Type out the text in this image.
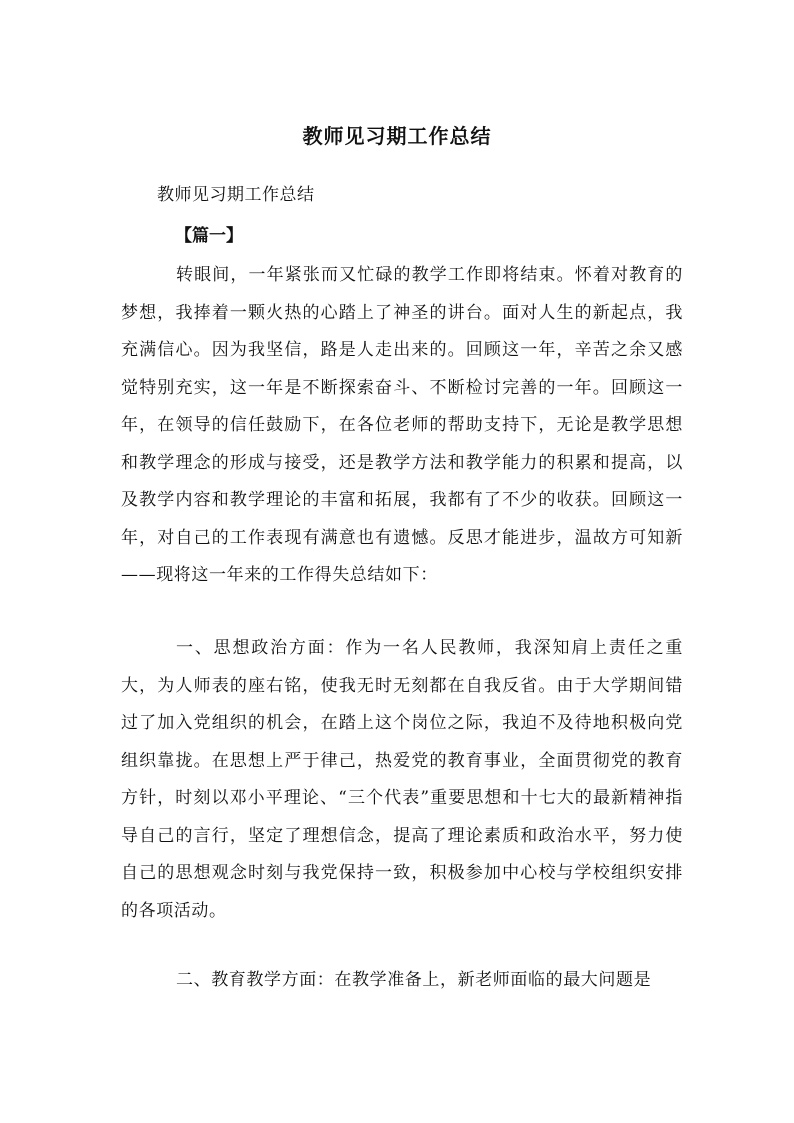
教师见习期工作总结
教师见习期工作总结
【篇一】

转眼间，一年紧张而又忙碌的教学工作即将结束。怀着对教育的梦想，我捧着一颗火热的心踏上了神圣的讲台。面对人生的新起点，我充满信心。因为我坚信，路是人走出来的。回顾这一年，辛苦之余又感觉特别充实，这一年是不断探索奋斗、不断检讨完善的一年。回顾这一年，在领导的信任鼓励下，在各位老师的帮助支持下，无论是教学思想和教学理念的形成与接受，还是教学方法和教学能力的积累和提高，以及教学内容和教学理论的丰富和拓展，我都有了不少的收获。回顾这一年，对自己的工作表现有满意也有遗憾。反思才能进步，温故方可知新——现将这一年来的工作得失总结如下：

一、思想政治方面：作为一名人民教师，我深知肩上责任之重大，为人师表的座右铭，使我无时无刻都在自我反省。由于大学期间错过了加入党组织的机会，在踏上这个岗位之际，我迫不及待地积极向党组织靠拢。在思想上严于律己，热爱党的教育事业，全面贯彻党的教育方针，时刻以邓小平理论、“三个代表”重要思想和十七大的最新精神指导自己的言行，坚定了理想信念，提高了理论素质和政治水平，努力使自己的思想观念时刻与我党保持一致，积极参加中心校与学校组织安排的各项活动。

二、教育教学方面：在教学准备上，新老师面临的最大问题是
